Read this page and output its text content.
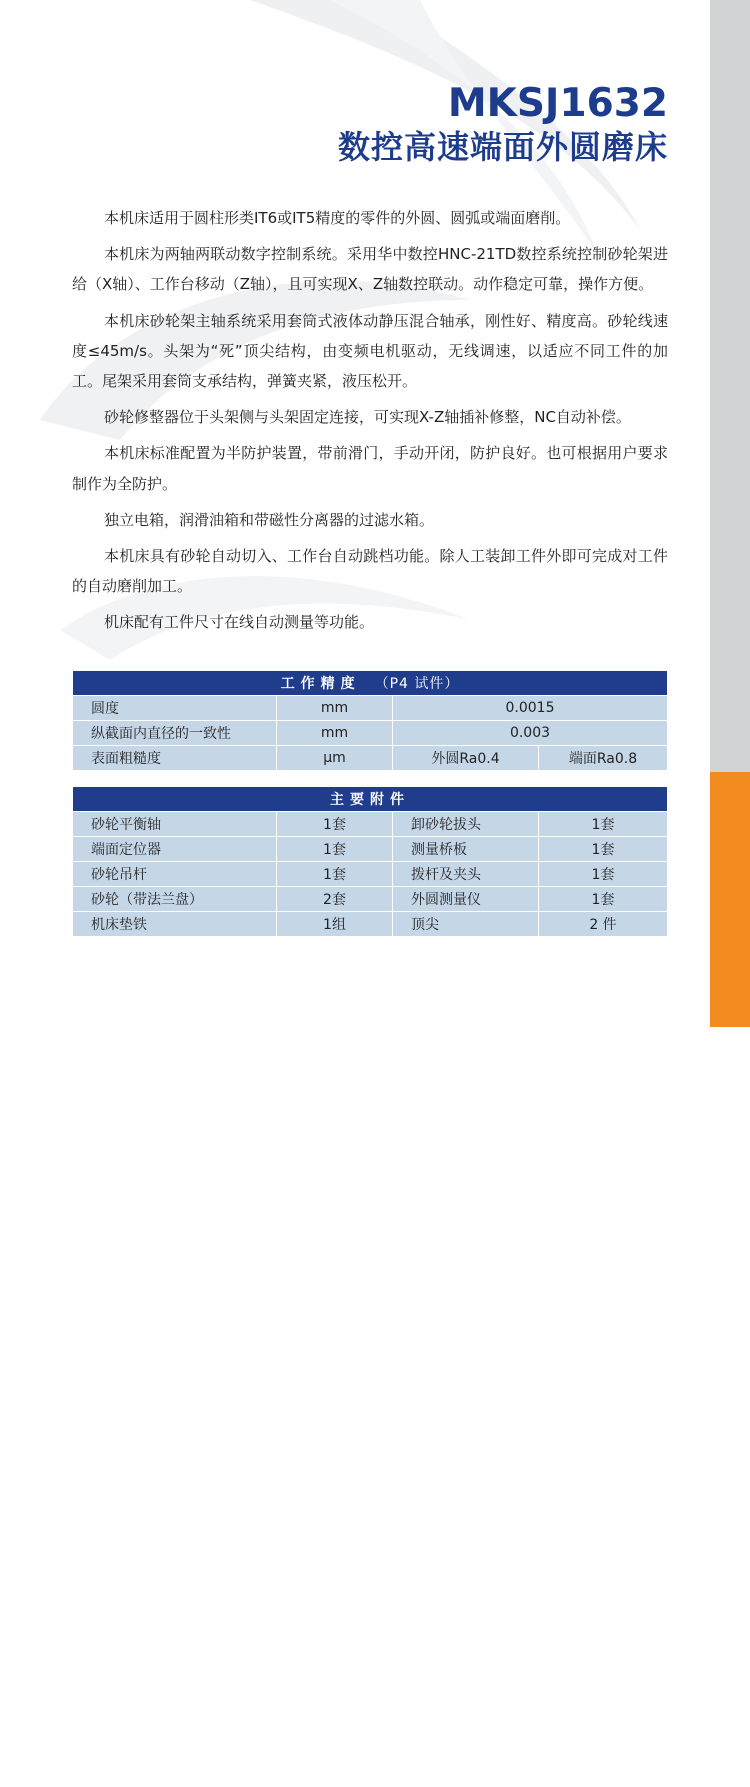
www.qcgrinder.com
MKSJ1632
数控高速端面外圆磨床

本机床适用于圆柱形类IT6或IT5精度的零件的外圆、圆弧或端面磨削。

本机床为两轴两联动数字控制系统。采用华中数控HNC-21TD数控系统控制砂轮架进给（X轴）、工作台移动（Z轴），且可实现X、Z轴数控联动。动作稳定可靠，操作方便。

本机床砂轮架主轴系统采用套筒式液体动静压混合轴承，刚性好、精度高。砂轮线速度≤45m/s。头架为“死”顶尖结构，由变频电机驱动，无线调速，以适应不同工件的加工。尾架采用套筒支承结构，弹簧夹紧，液压松开。

砂轮修整器位于头架侧与头架固定连接，可实现X-Z轴插补修整，NC自动补偿。

本机床标准配置为半防护装置，带前滑门，手动开闭，防护良好。也可根据用户要求制作为全防护。

独立电箱，润滑油箱和带磁性分离器的过滤水箱。

本机床具有砂轮自动切入、工作台自动跳档功能。除人工装卸工件外即可完成对工件的自动磨削加工。

机床配有工件尺寸在线自动测量等功能。

工作精度 （P4 试件）			
圆度	mm	0.0015	
纵截面内直径的一致性	mm	0.003	
表面粗糙度	μm	外圆Ra0.4	端面Ra0.8
主要附件			
砂轮平衡轴	1套	卸砂轮拔头	1套
端面定位器	1套	测量桥板	1套
砂轮吊杆	1套	拨杆及夹头	1套
砂轮（带法兰盘）	2套	外圆测量仪	1套
机床垫铁	1组	顶尖	2 件
